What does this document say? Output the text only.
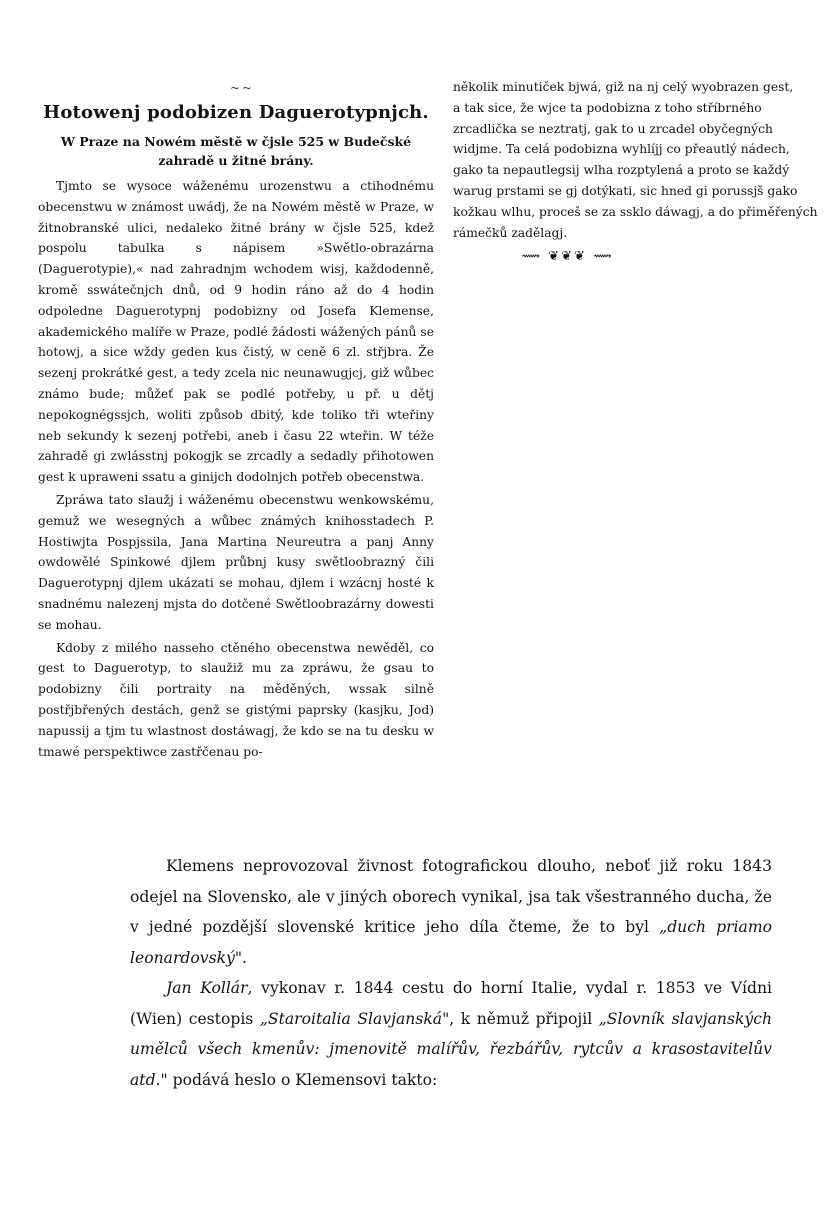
~~
Hotowenj podobizen Daguerotypnjch.
W Praze na Nowém městě w čjsle 525 w Budečské zahradě u žitné brány.

Tjmto se wysoce wáženému urozenstwu a ctihodnému obecenstwu w známost uwádj, že na Nowém městě w Praze, w žitnobranské ulici, nedaleko žitné brány w čjsle 525, kdež pospolu tabulka s nápisem »Swětlo-obrazárna (Daguerotypie),« nad zahradnjm wchodem wisj, každodenně, kromě sswátečnjch dnů, od 9 hodin ráno až do 4 hodin odpoledne Daguerotypnj podobizny od Josefa Klemense, akademického malíře w Praze, podlé žádosti wážených pánů se hotowj, a sice wždy geden kus čistý, w ceně 6 zl. střjbra. Že sezenj prokrátké gest, a tedy zcela nic neunawugjcj, giž wůbec známo bude; můžeť pak se podlé potřeby, u př. u dětj nepokognégssjch, woliti způsob dbitý, kde toliko tři wteřiny neb sekundy k sezenj potřebi, aneb i času 22 wteřin. W téže zahradě gi zwlásstnj pokogjk se zrcadly a sedadly přihotowen gest k upraweni ssatu a ginijch dodolnjch potřeb obecenstwa.

Zpráwa tato slaužj i wáženému obecenstwu wenkowskému, gemuž we wesegných a wůbec známých knihosstadech P. Hostiwjta Pospjssila, Jana Martina Neureutra a panj Anny owdowělé Spinkowé djlem průbnj kusy swětloobrazný čili Daguerotypnj djlem ukázati se mohau, djlem i wzácnj hosté k snadnému nalezenj mjsta do dotčené Swětloobrazárny dowesti se mohau.

Kdoby z milého nasseho ctěného obecenstwa newěděl, co gest to Daguerotyp, to slaužiž mu za zpráwu, že gsau to podobizny čili portraity na měděných, wssak silně postřjbřených destách, genž se gistými paprsky (kasjku, Jod) napussij a tjm tu wlastnost dostáwagj, že kdo se na tu desku w tmawé perspektiwce zastřčenau po-

několik minutiček bjwá, giž na nj celý wyobrazen gest,
a tak sice, že wjce ta podobizna z toho stříbrného
zrcadlička se neztratj, gak to u zrcadel obyčegných
widjme. Ta celá podobizna wyhlíjj co přeautlý nádech,
gako ta nepautlegsij wlha rozptylená a proto se každý
warug prstami se gj dotýkati, sic hned gi porussjš gako
kožkau wlhu, proceš se za ssklo dáwagj, a do přiměřených
rámečků zadělagj.
⟿ ❦❦❦ ⟿

Klemens neprovozoval živnost fotografickou dlouho, neboť již roku 1843 odejel na Slovensko, ale v jiných oborech vynikal, jsa tak všestranného ducha, že v jedné pozdější slovenské kritice jeho díla čteme, že to byl „duch priamo leonardovský".

Jan Kollár, vykonav r. 1844 cestu do horní Italie, vydal r. 1853 ve Vídni (Wien) cestopis „Staroitalia Slavjanská", k němuž připojil „Slovník slavjanských umělců všech kmenův: jmenovitě malířův, řezbářův, rytcův a krasostavitelův atd." podává heslo o Klemensovi takto:
